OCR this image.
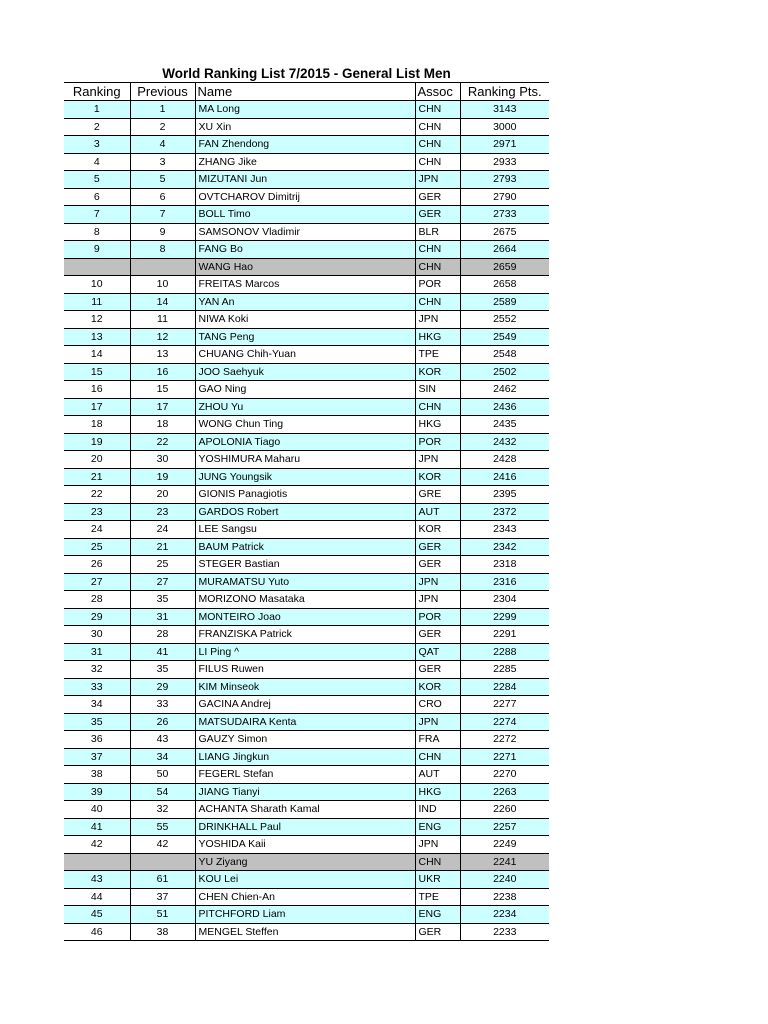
World Ranking List 7/2015 - General List Men
Ranking	Previous	Name	Assoc	Ranking Pts.
1	1	MA Long	CHN	3143
2	2	XU Xin	CHN	3000
3	4	FAN Zhendong	CHN	2971
4	3	ZHANG Jike	CHN	2933
5	5	MIZUTANI Jun	JPN	2793
6	6	OVTCHAROV Dimitrij	GER	2790
7	7	BOLL Timo	GER	2733
8	9	SAMSONOV Vladimir	BLR	2675
9	8	FANG Bo	CHN	2664
		WANG Hao	CHN	2659
10	10	FREITAS Marcos	POR	2658
11	14	YAN An	CHN	2589
12	11	NIWA Koki	JPN	2552
13	12	TANG Peng	HKG	2549
14	13	CHUANG Chih-Yuan	TPE	2548
15	16	JOO Saehyuk	KOR	2502
16	15	GAO Ning	SIN	2462
17	17	ZHOU Yu	CHN	2436
18	18	WONG Chun Ting	HKG	2435
19	22	APOLONIA Tiago	POR	2432
20	30	YOSHIMURA Maharu	JPN	2428
21	19	JUNG Youngsik	KOR	2416
22	20	GIONIS Panagiotis	GRE	2395
23	23	GARDOS Robert	AUT	2372
24	24	LEE Sangsu	KOR	2343
25	21	BAUM Patrick	GER	2342
26	25	STEGER Bastian	GER	2318
27	27	MURAMATSU Yuto	JPN	2316
28	35	MORIZONO Masataka	JPN	2304
29	31	MONTEIRO Joao	POR	2299
30	28	FRANZISKA Patrick	GER	2291
31	41	LI Ping ^	QAT	2288
32	35	FILUS Ruwen	GER	2285
33	29	KIM Minseok	KOR	2284
34	33	GACINA Andrej	CRO	2277
35	26	MATSUDAIRA Kenta	JPN	2274
36	43	GAUZY Simon	FRA	2272
37	34	LIANG Jingkun	CHN	2271
38	50	FEGERL Stefan	AUT	2270
39	54	JIANG Tianyi	HKG	2263
40	32	ACHANTA Sharath Kamal	IND	2260
41	55	DRINKHALL Paul	ENG	2257
42	42	YOSHIDA Kaii	JPN	2249
		YU Ziyang	CHN	2241
43	61	KOU Lei	UKR	2240
44	37	CHEN Chien-An	TPE	2238
45	51	PITCHFORD Liam	ENG	2234
46	38	MENGEL Steffen	GER	2233
